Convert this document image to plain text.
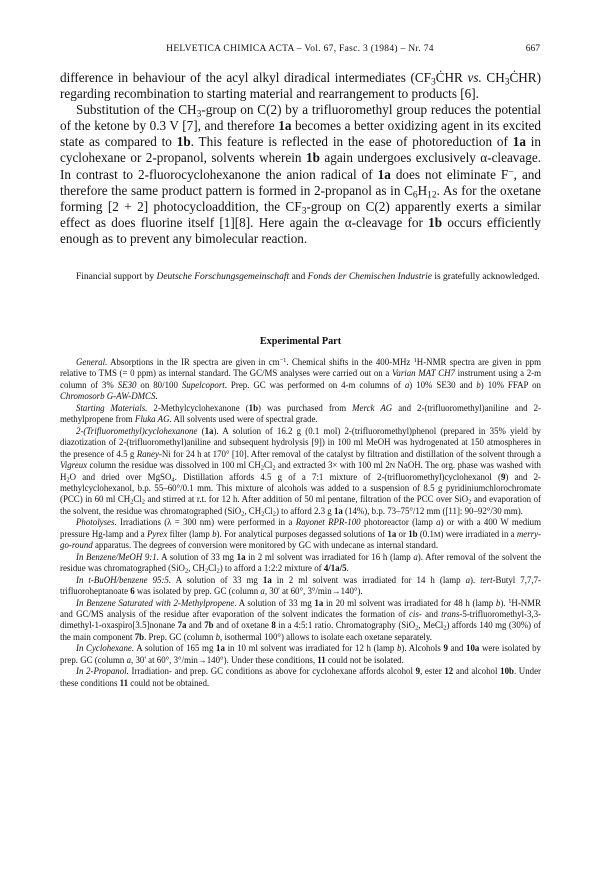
HELVETICA CHIMICA ACTA – Vol. 67, Fasc. 3 (1984) – Nr. 74	667

difference in behaviour of the acyl alkyl diradical intermediates ($CF_3ĊHR$ vs. $CH_3ĊHR$) regarding recombination to starting material and rearrangement to products [6].

Substitution of the $CH_3$-group on C(2) by a trifluoromethyl group reduces the potential of the ketone by 0.3 V [7], and therefore 1a becomes a better oxidizing agent in its excited state as compared to 1b. This feature is reflected in the ease of photoreduction of 1a in cyclohexane or 2-propanol, solvents wherein 1b again undergoes exclusively α-cleavage. In contrast to 2-fluorocyclohexanone the anion radical of 1a does not eliminate F−, and therefore the same product pattern is formed in 2-propanol as in $C_6H_{12}$. As for the oxetane forming [2 + 2] photocycloaddition, the $CF_3$-group on C(2) apparently exerts a similar effect as does fluorine itself [1][8]. Here again the α-cleavage for 1b occurs efficiently enough as to prevent any bimolecular reaction.

Financial support by Deutsche Forschungsgemeinschaft and Fonds der Chemischen Industrie is gratefully acknowledged.

Experimental Part

General. Absorptions in the IR spectra are given in $cm^{-1}$. Chemical shifts in the 400-MHz $^1$H-NMR spectra are given in ppm relative to TMS (= 0 ppm) as internal standard. The GC/MS analyses were carried out on a Varian MAT CH7 instrument using a 2-m column of 3% SE30 on 80/100 Supelcoport. Prep. GC was performed on 4-m columns of a) 10% SE30 and b) 10% FFAP on Chromosorb G-AW-DMCS.

Starting Materials. 2-Methylcyclohexanone (1b) was purchased from Merck AG and 2-(trifluoromethyl)aniline and 2-methylpropene from Fluka AG. All solvents used were of spectral grade.

2-(Trifluoromethyl)cyclohexanone (1a). A solution of 16.2 g (0.1 mol) 2-(trifluoromethyl)phenol (prepared in 35% yield by diazotization of 2-(trifluoromethyl)aniline and subsequent hydrolysis [9]) in 100 ml MeOH was hydrogenated at 150 atmospheres in the presence of 4.5 g Raney-Ni for 24 h at 170° [10]. After removal of the catalyst by filtration and distillation of the solvent through a Vigreux column the residue was dissolved in 100 ml $CH_2Cl_2$ and extracted 3× with 100 ml 2N NaOH. The org. phase was washed with $H_2O$ and dried over MgSO$_4$. Distillation affords 4.5 g of a 7:1 mixture of 2-(trifluoromethyl)cyclohexanol (9) and 2-methylcyclohexanol, b.p. 55–60°/0.1 mm. This mixture of alcohols was added to a suspension of 8.5 g pyridiniumchlorochromate (PCC) in 60 ml $CH_2Cl_2$ and stirred at r.t. for 12 h. After addition of 50 ml pentane, filtration of the PCC over SiO$_2$ and evaporation of the solvent, the residue was chromatographed (SiO$_2$, $CH_2Cl_2$) to afford 2.3 g 1a (14%), b.p. 73–75°/12 mm ([11]: 90–92°/30 mm).

Photolyses. Irradiations (λ = 300 nm) were performed in a Rayonet RPR-100 photoreactor (lamp a) or with a 400 W medium pressure Hg-lamp and a Pyrex filter (lamp b). For analytical purposes degassed solutions of 1a or 1b (0.1M) were irradiated in a merry-go-round apparatus. The degrees of conversion were monitored by GC with undecane as internal standard.

In Benzene/MeOH 9:1. A solution of 33 mg 1a in 2 ml solvent was irradiated for 16 h (lamp a). After removal of the solvent the residue was chromatographed (SiO$_2$, $CH_2Cl_2$) to afford a 1:2:2 mixture of 4/1a/5.

In t-BuOH/benzene 95:5. A solution of 33 mg 1a in 2 ml solvent was irradiated for 14 h (lamp a). tert-Butyl 7,7,7-trifluoroheptanoate 6 was isolated by prep. GC (column a, 30' at 60°, 3°/min→140°).

In Benzene Saturated with 2-Methylpropene. A solution of 33 mg 1a in 20 ml solvent was irradiated for 48 h (lamp b). $^1$H-NMR and GC/MS analysis of the residue after evaporation of the solvent indicates the formation of cis- and trans-5-trifluoromethyl-3,3-dimethyl-1-oxaspiro[3.5]nonane 7a and 7b and of oxetane 8 in a 4:5:1 ratio. Chromatography (SiO$_2$, MeCl$_2$) affords 140 mg (30%) of the main component 7b. Prep. GC (column b, isothermal 100°) allows to isolate each oxetane separately.

In Cyclohexane. A solution of 165 mg 1a in 10 ml solvent was irradiated for 12 h (lamp b). Alcohols 9 and 10a were isolated by prep. GC (column a, 30' at 60°, 3°/min→140°). Under these conditions, 11 could not be isolated.

In 2-Propanol. Irradiation- and prep. GC conditions as above for cyclohexane affords alcohol 9, ester 12 and alcohol 10b. Under these conditions 11 could not be obtained.
